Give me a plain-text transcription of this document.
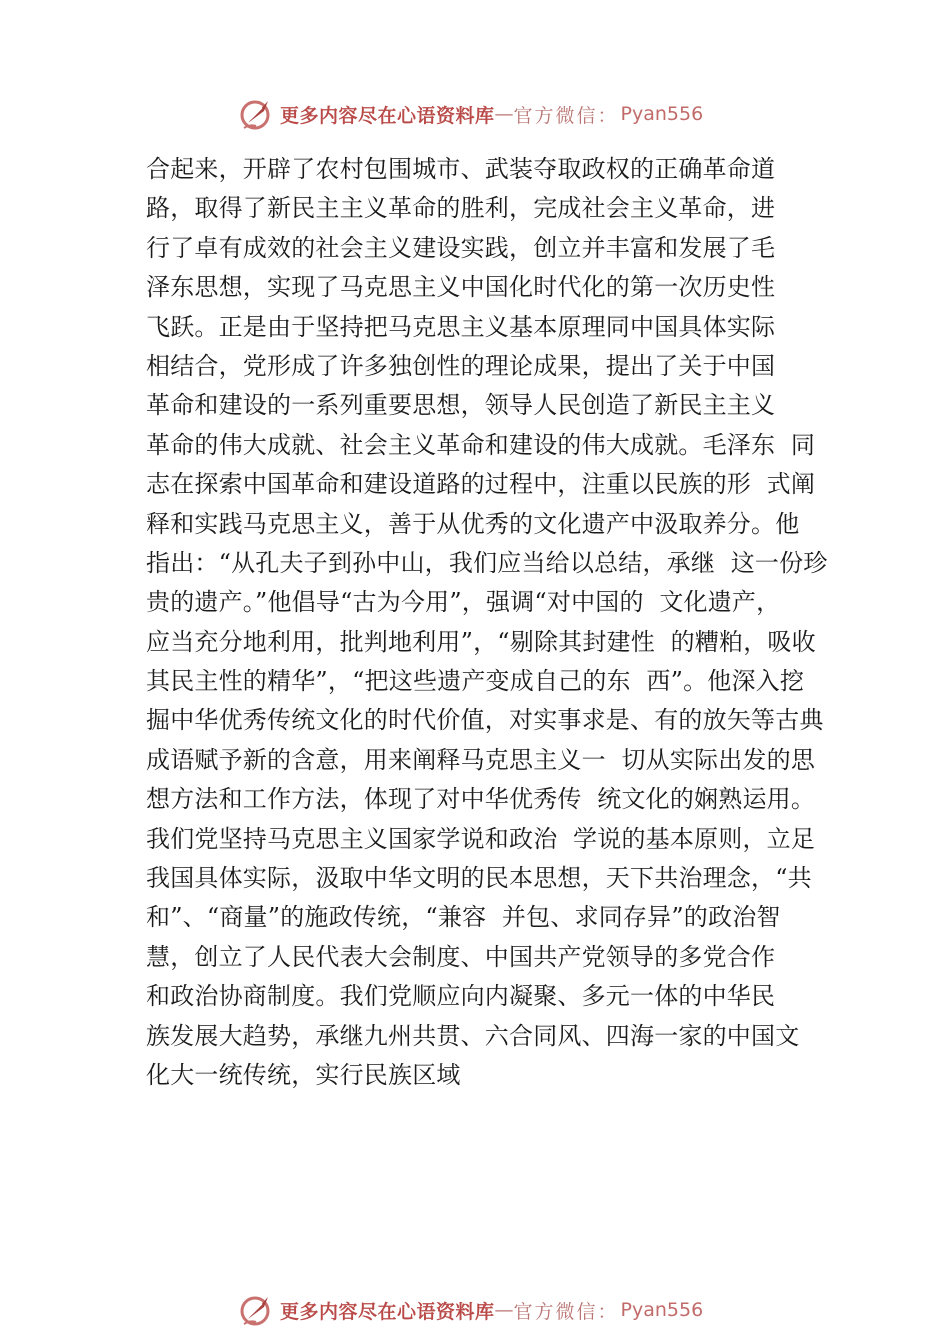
更多内容尽在心语资料库 — 官方微信： Pyan556
合起来，开辟了农村包围城市、武装夺取政权的正确革命道
路，取得了新民主主义革命的胜利，完成社会主义革命，进
行了卓有成效的社会主义建设实践，创立并丰富和发展了毛
泽东思想，实现了马克思主义中国化时代化的第一次历史性
飞跃。正是由于坚持把马克思主义基本原理同中国具体实际
相结合，党形成了许多独创性的理论成果，提出了关于中国
革命和建设的一系列重要思想，领导人民创造了新民主主义
革命的伟大成就、社会主义革命和建设的伟大成就。毛泽东  同
志在探索中国革命和建设道路的过程中，注重以民族的形  式阐
释和实践马克思主义，善于从优秀的文化遗产中汲取养分。他
指出：“从孔夫子到孙中山，我们应当给以总结，承继  这一份珍
贵的遗产。”他倡导“古为今用”，强调“对中国的  文化遗产，
应当充分地利用，批判地利用”，“剔除其封建性  的糟粕，吸收
其民主性的精华”，“把这些遗产变成自己的东  西”。他深入挖
掘中华优秀传统文化的时代价值，对实事求是、有的放矢等古典
成语赋予新的含意，用来阐释马克思主义一  切从实际出发的思
想方法和工作方法，体现了对中华优秀传  统文化的娴熟运用。
我们党坚持马克思主义国家学说和政治  学说的基本原则，立足
我国具体实际，汲取中华文明的民本思想，天下共治理念，“共
和”、“商量”的施政传统，“兼容  并包、求同存异”的政治智
慧，创立了人民代表大会制度、中国共产党领导的多党合作
和政治协商制度。我们党顺应向内凝聚、多元一体的中华民
族发展大趋势，承继九州共贯、六合同风、四海一家的中国文
化大一统传统，实行民族区域
更多内容尽在心语资料库 — 官方微信： Pyan556
